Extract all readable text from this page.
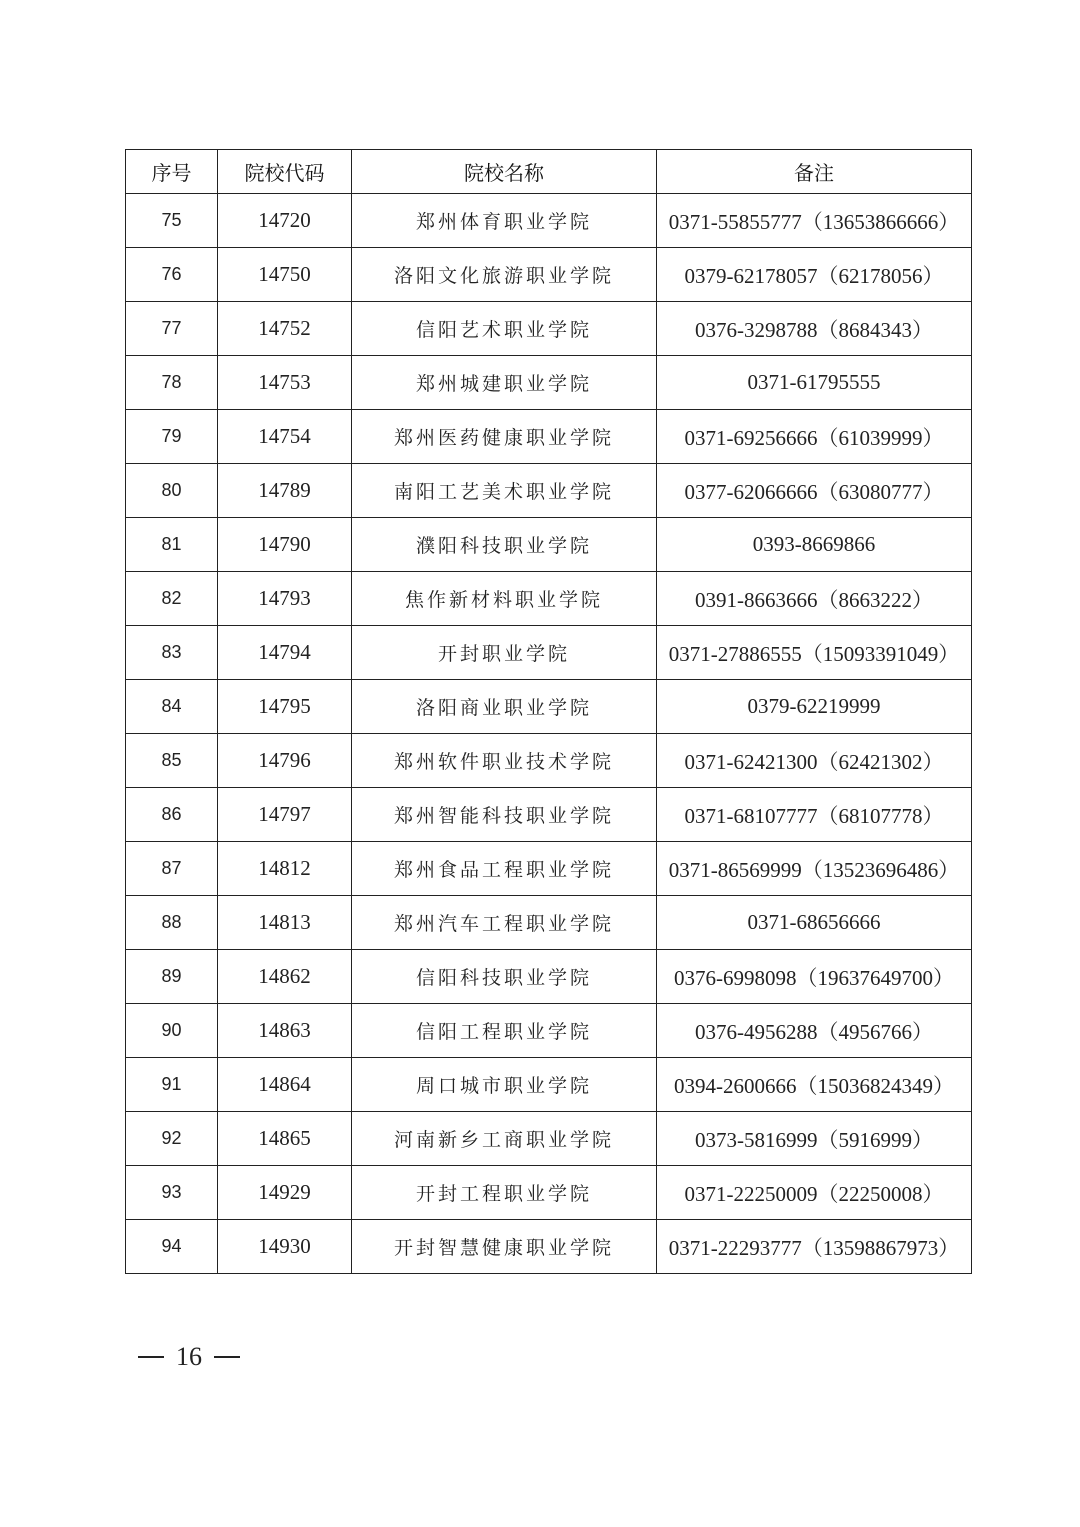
序号	院校代码	院校名称	备注
75	14720	郑州体育职业学院	0371-55855777（13653866666）
76	14750	洛阳文化旅游职业学院	0379-62178057（62178056）
77	14752	信阳艺术职业学院	0376-3298788（8684343）
78	14753	郑州城建职业学院	0371-61795555
79	14754	郑州医药健康职业学院	0371-69256666（61039999）
80	14789	南阳工艺美术职业学院	0377-62066666（63080777）
81	14790	濮阳科技职业学院	0393-8669866
82	14793	焦作新材料职业学院	0391-8663666（8663222）
83	14794	开封职业学院	0371-27886555（15093391049）
84	14795	洛阳商业职业学院	0379-62219999
85	14796	郑州软件职业技术学院	0371-62421300（62421302）
86	14797	郑州智能科技职业学院	0371-68107777（68107778）
87	14812	郑州食品工程职业学院	0371-86569999（13523696486）
88	14813	郑州汽车工程职业学院	0371-68656666
89	14862	信阳科技职业学院	0376-6998098（19637649700）
90	14863	信阳工程职业学院	0376-4956288（4956766）
91	14864	周口城市职业学院	0394-2600666（15036824349）
92	14865	河南新乡工商职业学院	0373-5816999（5916999）
93	14929	开封工程职业学院	0371-22250009（22250008）
94	14930	开封智慧健康职业学院	0371-22293777（13598867973）
16
